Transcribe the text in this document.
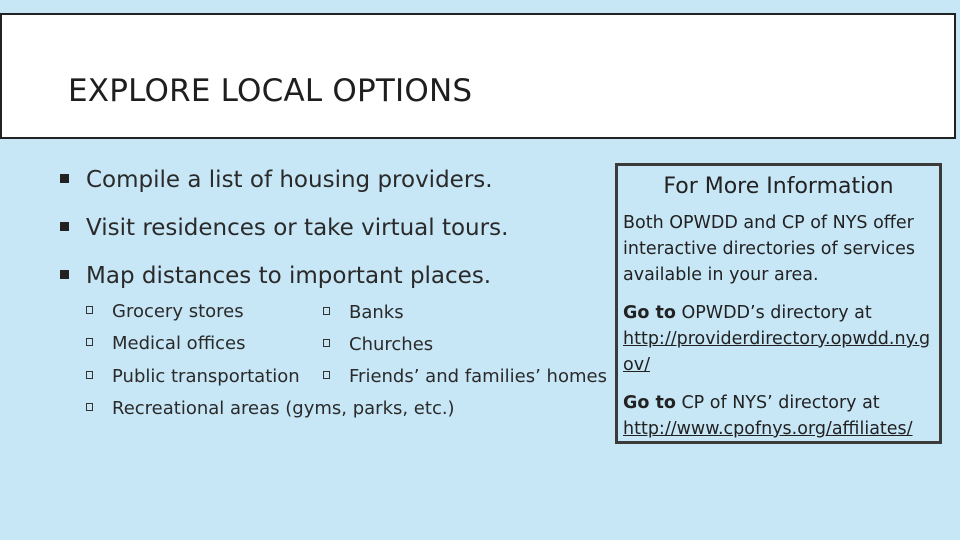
EXPLORE LOCAL OPTIONS
Compile a list of housing providers.
Visit residences or take virtual tours.
Map distances to important places.
Grocery stores
Medical offices
Public transportation
Recreational areas (gyms, parks, etc.)
Banks
Churches
Friends’ and families’ homes
For More Information

Both OPWDD and CP of NYS offer interactive directories of services available in your area.

Go to OPWDD’s directory at

http://providerdirectory.opwdd.ny.gov/

Go to CP of NYS’ directory at

http://www.cpofnys.org/affiliates/
